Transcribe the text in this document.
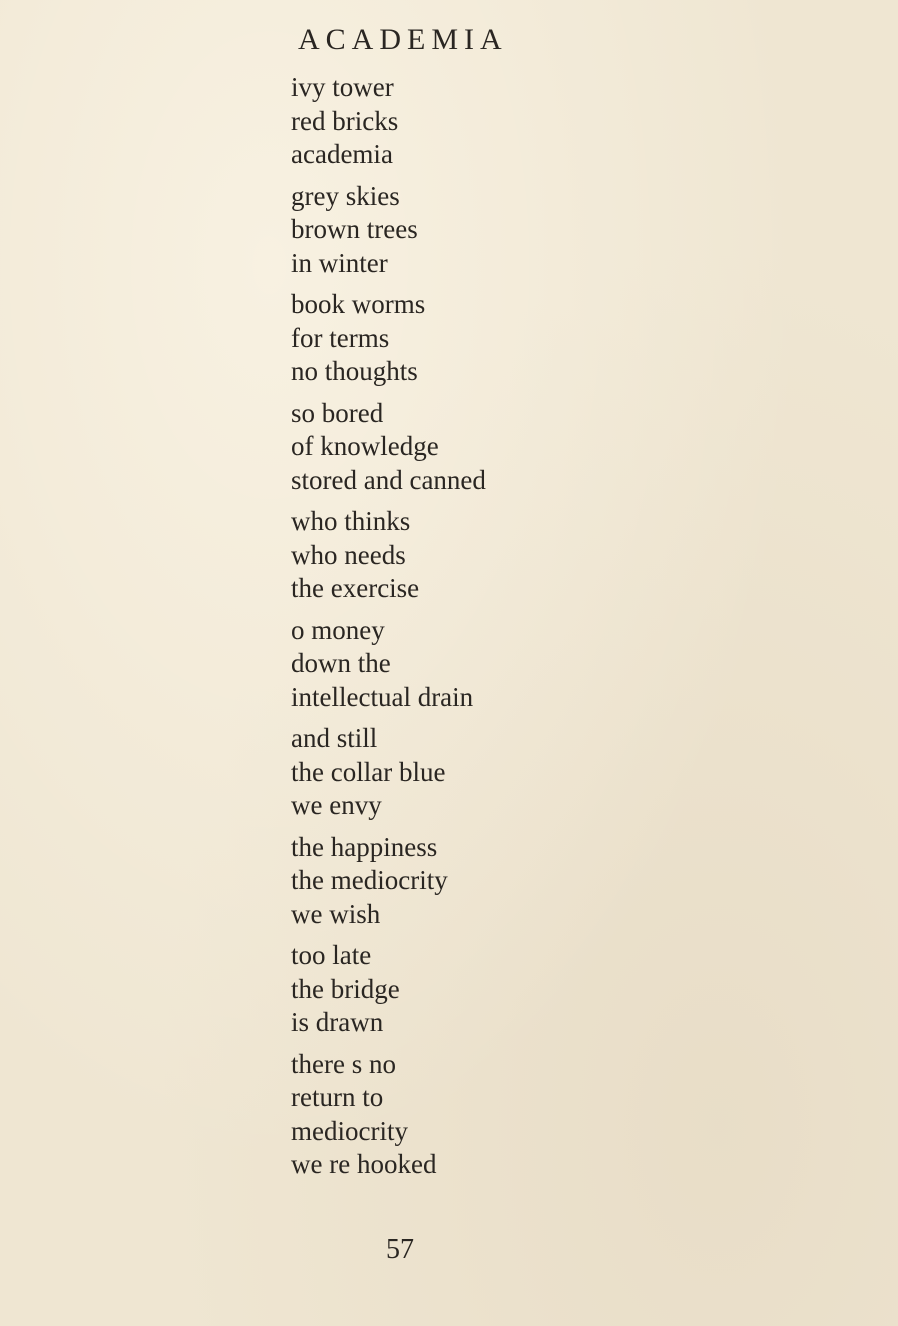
ACADEMIA
ivy tower
red bricks
academia
grey skies
brown trees
in winter
book worms
for terms
no thoughts
so bored
of knowledge
stored and canned
who thinks
who needs
the exercise
o money
down the
intellectual drain
and still
the collar blue
we envy
the happiness
the mediocrity
we wish
too late
the bridge
is drawn
there s no
return to
mediocrity
we re hooked
57
